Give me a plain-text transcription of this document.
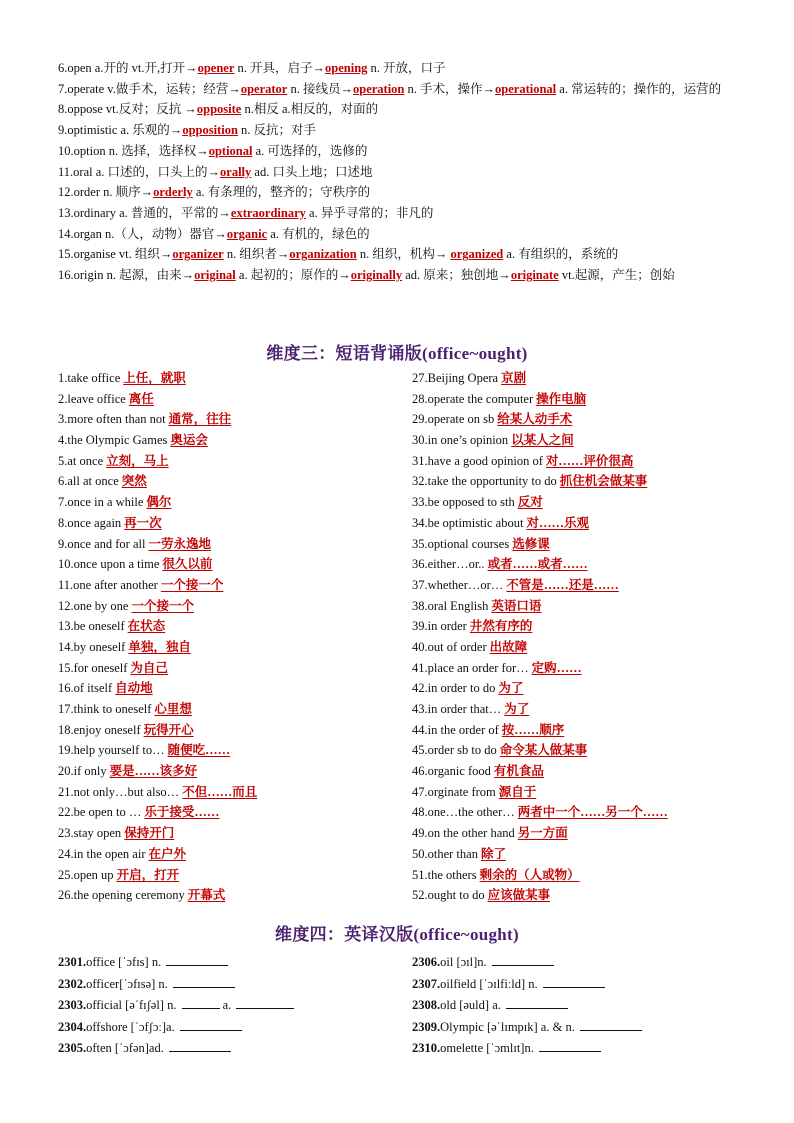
6.open a.开的 vt.开,打开→opener n. 开具，启子→opening n. 开放，口子
7.operate v.做手术，运转；经营→operator n. 接线员→operation n. 手术，操作→operational a. 常运转的；操作的，运营的
8.oppose vt.反对；反抗 →opposite n.相反 a.相反的，对面的
9.optimistic a. 乐观的→opposition n. 反抗；对手
10.option n. 选择，选择权→optional a. 可选择的，选修的
11.oral a. 口述的，口头上的→orally ad. 口头上地；口述地
12.order n. 顺序→orderly a. 有条理的，整齐的；守秩序的
13.ordinary a. 普通的，平常的→extraordinary a. 异乎寻常的；非凡的
14.organ n.（人，动物）器官→organic a. 有机的，绿色的
15.organise vt. 组织→organizer n. 组织者→organization n. 组织，机构→ organized a. 有组织的，系统的
16.origin n. 起源，由来→original a. 起初的；原作的→originally ad. 原来；独创地→originate vt.起源，产生；创始
维度三：短语背诵版(office~ought)
1.take office 上任，就职
2.leave office 离任
3.more often than not 通常，往往
4.the Olympic Games 奥运会
5.at once 立刻，马上
6.all at once 突然
7.once in a while 偶尔
8.once again 再一次
9.once and for all 一劳永逸地
10.once upon a time 很久以前
11.one after another 一个接一个
12.one by one 一个接一个
13.be oneself 在状态
14.by oneself 单独，独自
15.for oneself 为自己
16.of itself 自动地
17.think to oneself 心里想
18.enjoy oneself 玩得开心
19.help yourself to… 随便吃……
20.if only 要是……该多好
21.not only…but also… 不但……而且
22.be open to … 乐于接受……
23.stay open 保持开门
24.in the open air 在户外
25.open up 开启，打开
26.the opening ceremony 开幕式
27.Beijing Opera 京剧
28.operate the computer 操作电脑
29.operate on sb 给某人动手术
30.in one’s opinion 以某人之间
31.have a good opinion of 对……评价很高
32.take the opportunity to do 抓住机会做某事
33.be opposed to sth 反对
34.be optimistic about 对……乐观
35.optional courses 选修课
36.either…or.. 或者……或者……
37.whether…or… 不管是……还是……
38.oral English 英语口语
39.in order 井然有序的
40.out of order 出故障
41.place an order for… 定购……
42.in order to do 为了
43.in order that… 为了
44.in the order of 按……顺序
45.order sb to do 命令某人做某事
46.organic food 有机食品
47.orginate from 源自于
48.one…the other… 两者中一个……另一个……
49.on the other hand 另一方面
50.other than 除了
51.the others 剩余的（人或物）
52.ought to do 应该做某事
维度四：英译汉版(office~ought)
2301.office [ˈɔfɪs] n.
2302.officer[ˈɔfɪsə] n.
2303.official [əˈfɪʃəl] n.	a.
2304.offshore [ˈɔfʃɔː]a.
2305.often [ˈɔfən]ad.
2306.oil [ɔɪl]n.
2307.oilfield [ˈɔɪlfiːld] n.
2308.old [əuld] a.
2309.Olympic [əˈlɪmpɪk] a. & n.
2310.omelette [ˈɔmlɪt]n.
